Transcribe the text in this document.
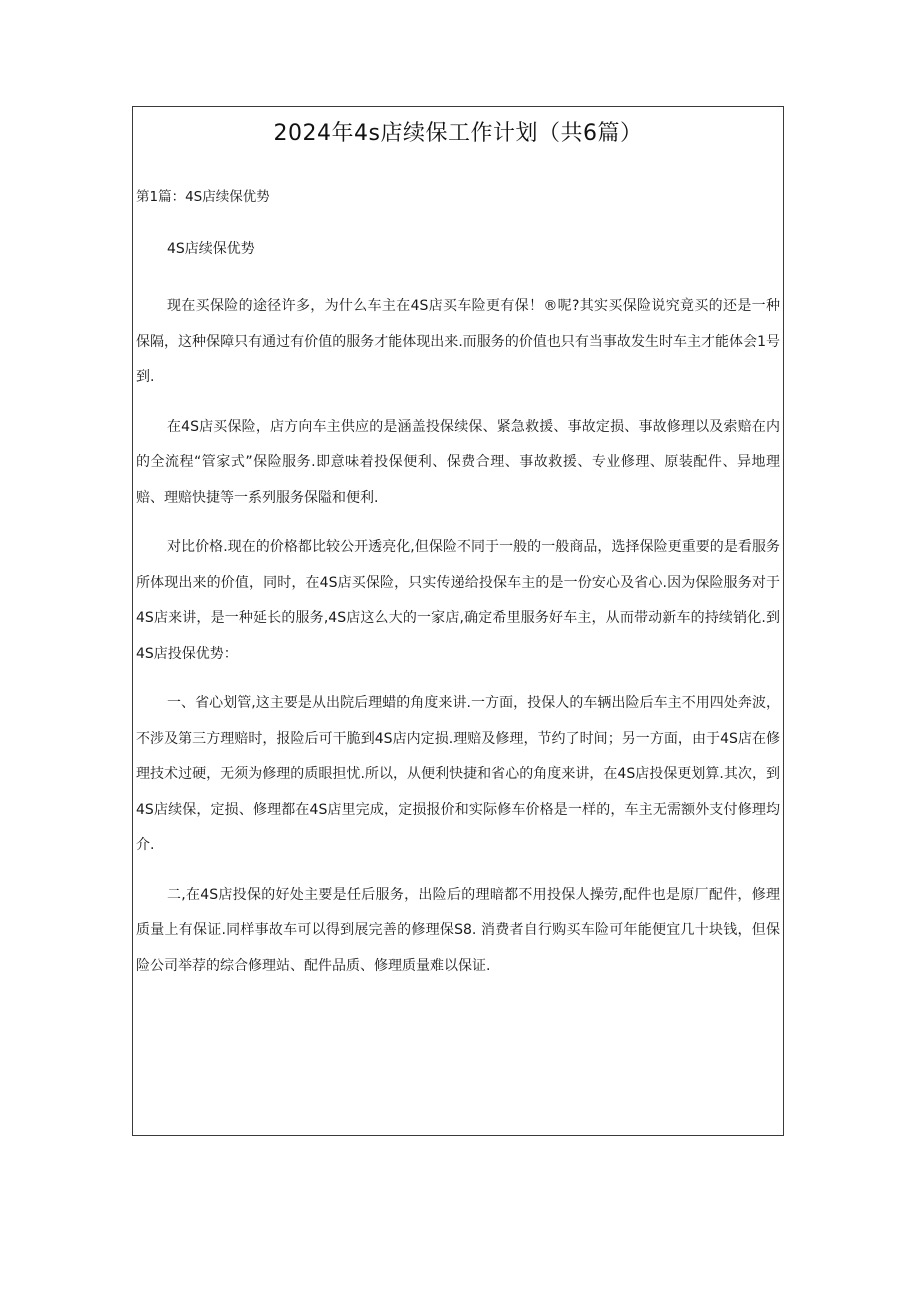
2024年4s店续保工作计划（共6篇）
第1篇：4S店续保优势

4S店续保优势

现在买保险的途径许多，为什么车主在4S店买车险更有保！®呢?其实买保险说究竟买的还是一种保隔，这种保障只有通过有价值的服务才能体现出来.而服务的价值也只有当事故发生时车主才能体会1号到.

在4S店买保险，店方向车主供应的是涵盖投保续保、紧急救援、事故定损、事故修理以及索赔在内的全流程“管家式”保险服务.即意味着投保便利、保费合理、事故救援、专业修理、原装配件、异地理赔、理赔快捷等一系列服务保隘和便利.

对比价格.现在的价格都比较公开透亮化,但保险不同于一般的一般商品，选择保险更重要的是看服务所体现出来的价值，同时，在4S店买保险，只实传递给投保车主的是一份安心及省心.因为保险服务对于4S店来讲，是一种延长的服务,4S店这么大的一家店,确定希里服务好车主，从而带动新车的持续销化.到4S店投保优势：

一、省心划管,这主要是从出院后理蜡的角度来讲.一方面，投保人的车辆出险后车主不用四处奔波，不涉及第三方理赔时，报险后可干脆到4S店内定损.理赔及修理，节约了时间；另一方面，由于4S店在修理技术过硬，无须为修理的质眼担忧.所以，从便利快捷和省心的角度来讲，在4S店投保更划算.其次，到4S店续保，定损、修理都在4S店里完成，定损报价和实际修车价格是一样的，车主无需额外支付修理均介.

二,在4S店投保的好处主要是任后服务，出险后的理暗都不用投保人操劳,配件也是原厂配件，修理质量上有保证.同样事故车可以得到展完善的修理保S8. 消费者自行购买车险可年能便宜几十块钱，但保险公司举荐的综合修理站、配件品质、修理质量难以保证.
